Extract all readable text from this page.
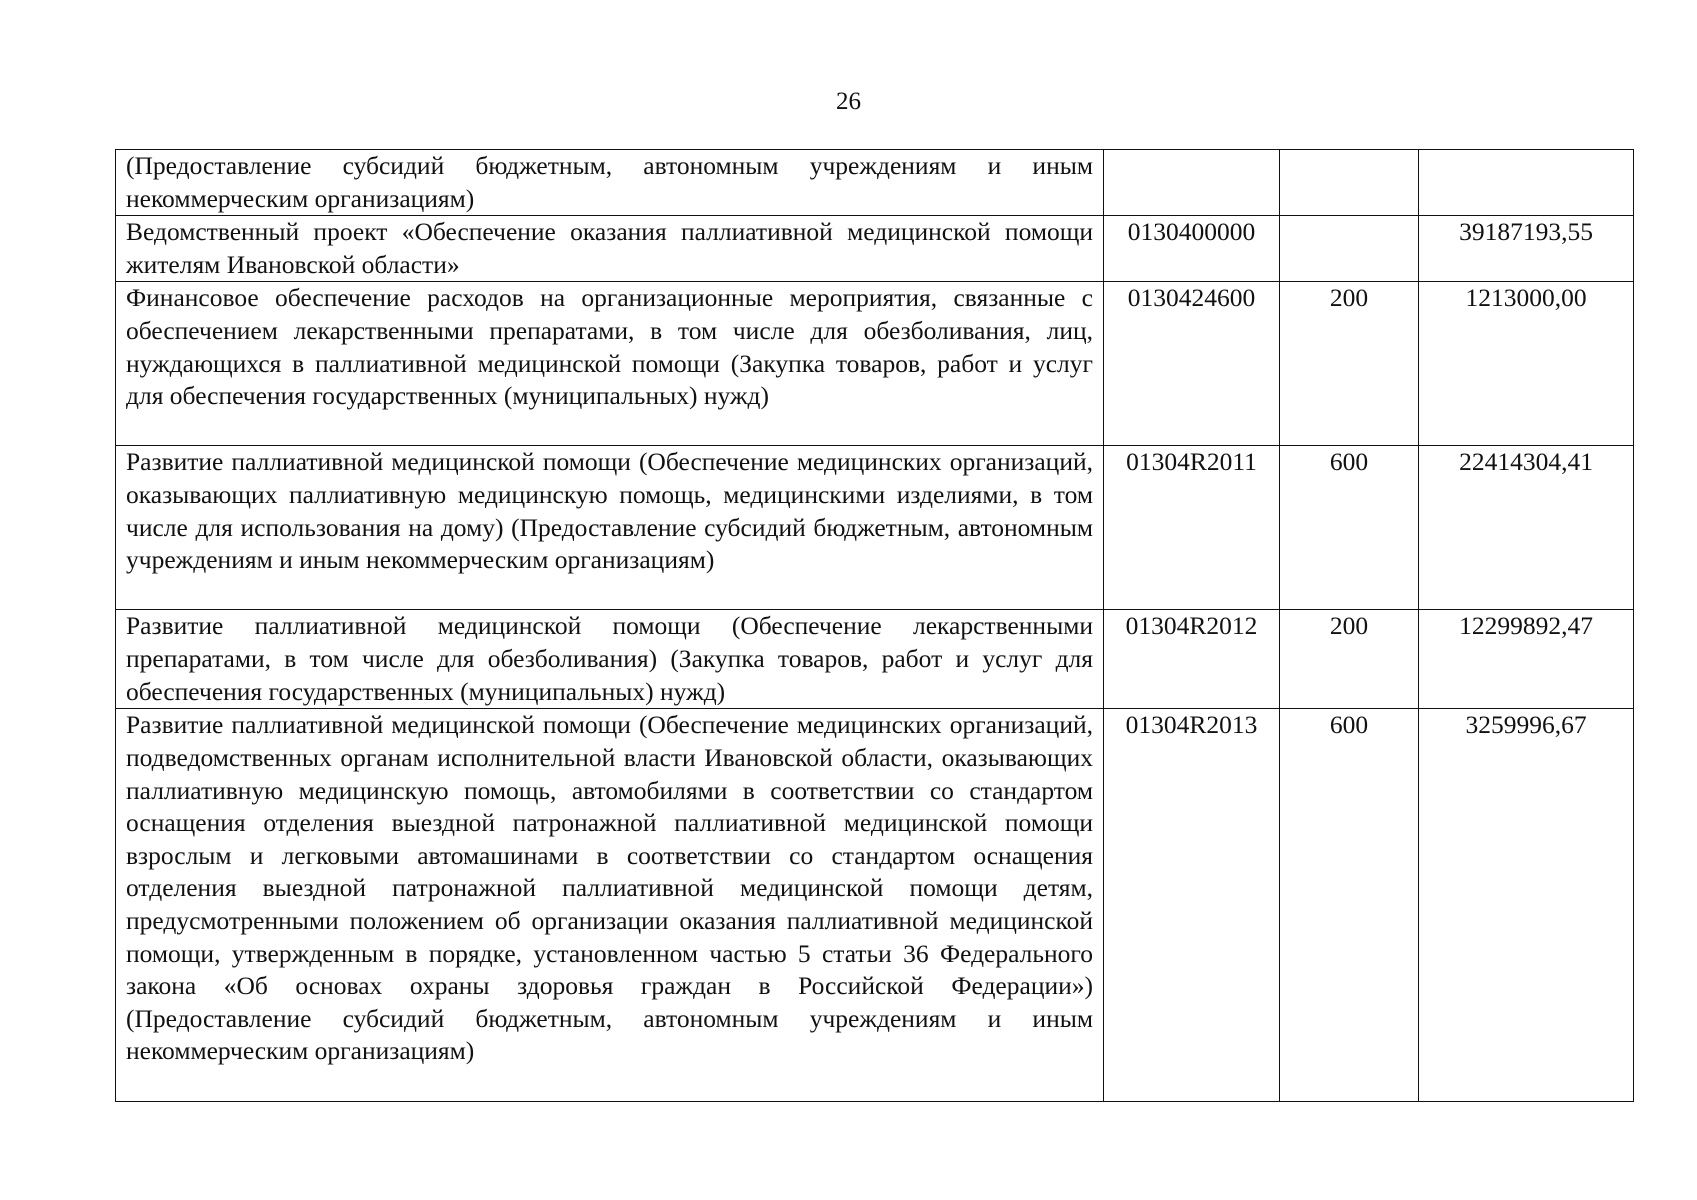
26
(Предоставление субсидий бюджетным, автономным учреждениям и иным некоммерческим организациям)			
Ведомственный проект «Обеспечение оказания паллиативной медицинской помощи жителям Ивановской области»	0130400000		39187193,55
Финансовое обеспечение расходов на организационные мероприятия, связанные с обеспечением лекарственными препаратами, в том числе для обезболивания, лиц, нуждающихся в паллиативной медицинской помощи (Закупка товаров, работ и услуг для обеспечения государственных (муниципальных) нужд)	0130424600	200	1213000,00
Развитие паллиативной медицинской помощи (Обеспечение медицинских организаций, оказывающих паллиативную медицинскую помощь, медицинскими изделиями, в том числе для использования на дому) (Предоставление субсидий бюджетным, автономным учреждениям и иным некоммерческим организациям)	01304R2011	600	22414304,41
Развитие паллиативной медицинской помощи (Обеспечение лекарственными препаратами, в том числе для обезболивания) (Закупка товаров, работ и услуг для обеспечения государственных (муниципальных) нужд)	01304R2012	200	12299892,47
Развитие паллиативной медицинской помощи (Обеспечение медицинских организаций, подведомственных органам исполнительной власти Ивановской области, оказывающих паллиативную медицинскую помощь, автомобилями в соответствии со стандартом оснащения отделения выездной патронажной паллиативной медицинской помощи взрослым и легковыми автомашинами в соответствии со стандартом оснащения отделения выездной патронажной паллиативной медицинской помощи детям, предусмотренными положением об организации оказания паллиативной медицинской помощи, утвержденным в порядке, установленном частью 5 статьи 36 Федерального закона «Об основах охраны здоровья граждан в Российской Федерации») (Предоставление субсидий бюджетным, автономным учреждениям и иным некоммерческим организациям)	01304R2013	600	3259996,67
